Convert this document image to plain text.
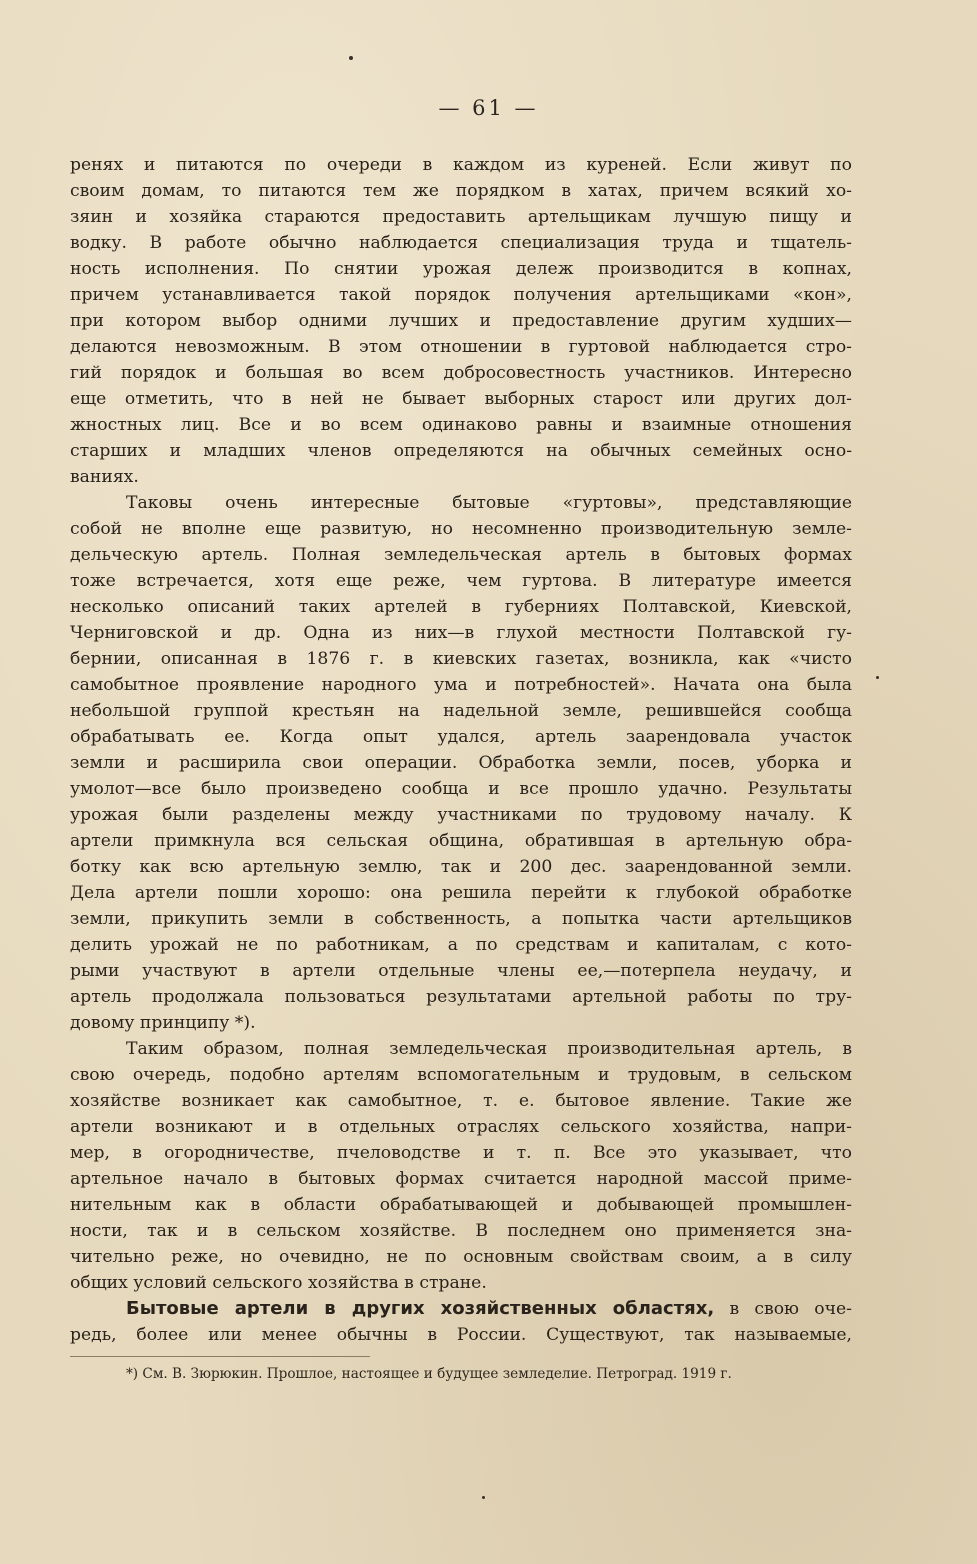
— 61 —

ренях и питаются по очереди в каждом из куреней. Если живут по
своим домам, то питаются тем же порядком в хатах, причем всякий хо-
зяин и хозяйка стараются предоставить артельщикам лучшую пищу и
водку. В работе обычно наблюдается специализация труда и тщатель-
ность исполнения. По снятии урожая дележ производится в копнах,
причем устанавливается такой порядок получения артельщиками «кон»,
при котором выбор одними лучших и предоставление другим худших—
делаются невозможным. В этом отношении в гуртовой наблюдается стро-
гий порядок и большая во всем добросовестность участников. Интересно
еще отметить, что в ней не бывает выборных старост или других дол-
жностных лиц. Все и во всем одинаково равны и взаимные отношения
старших и младших членов определяются на обычных семейных осно-
ваниях.

Таковы очень интересные бытовые «гуртовы», представляющие
собой не вполне еще развитую, но несомненно производительную земле-
дельческую артель. Полная земледельческая артель в бытовых формах
тоже встречается, хотя еще реже, чем гуртова. В литературе имеется
несколько описаний таких артелей в губерниях Полтавской, Киевской,
Черниговской и др. Одна из них—в глухой местности Полтавской гу-
бернии, описанная в 1876 г. в киевских газетах, возникла, как «чисто
самобытное проявление народного ума и потребностей». Начата она была
небольшой группой крестьян на надельной земле, решившейся сообща
обрабатывать ее. Когда опыт удался, артель заарендовала участок
земли и расширила свои операции. Обработка земли, посев, уборка и
умолот—все было произведено сообща и все прошло удачно. Результаты
урожая были разделены между участниками по трудовому началу. К
артели примкнула вся сельская община, обратившая в артельную обра-
ботку как всю артельную землю, так и 200 дес. заарендованной земли.
Дела артели пошли хорошо: она решила перейти к глубокой обработке
земли, прикупить земли в собственность, а попытка части артельщиков
делить урожай не по работникам, а по средствам и капиталам, с кото-
рыми участвуют в артели отдельные члены ее,—потерпела неудачу, и
артель продолжала пользоваться результатами артельной работы по тру-
довому принципу *).

Таким образом, полная земледельческая производительная артель, в
свою очередь, подобно артелям вспомогательным и трудовым, в сельском
хозяйстве возникает как самобытное, т. е. бытовое явление. Такие же
артели возникают и в отдельных отраслях сельского хозяйства, напри-
мер, в огородничестве, пчеловодстве и т. п. Все это указывает, что
артельное начало в бытовых формах считается народной массой приме-
нительным как в области обрабатывающей и добывающей промышлен-
ности, так и в сельском хозяйстве. В последнем оно применяется зна-
чительно реже, но очевидно, не по основным свойствам своим, а в силу
общих условий сельского хозяйства в стране.

Бытовые артели в других хозяйственных областях, в свою оче-
редь, более или менее обычны в России. Существуют, так называемые,

*) См. В. Зюрюкин. Прошлое, настоящее и будущее земледелие. Петроград. 1919 г.
